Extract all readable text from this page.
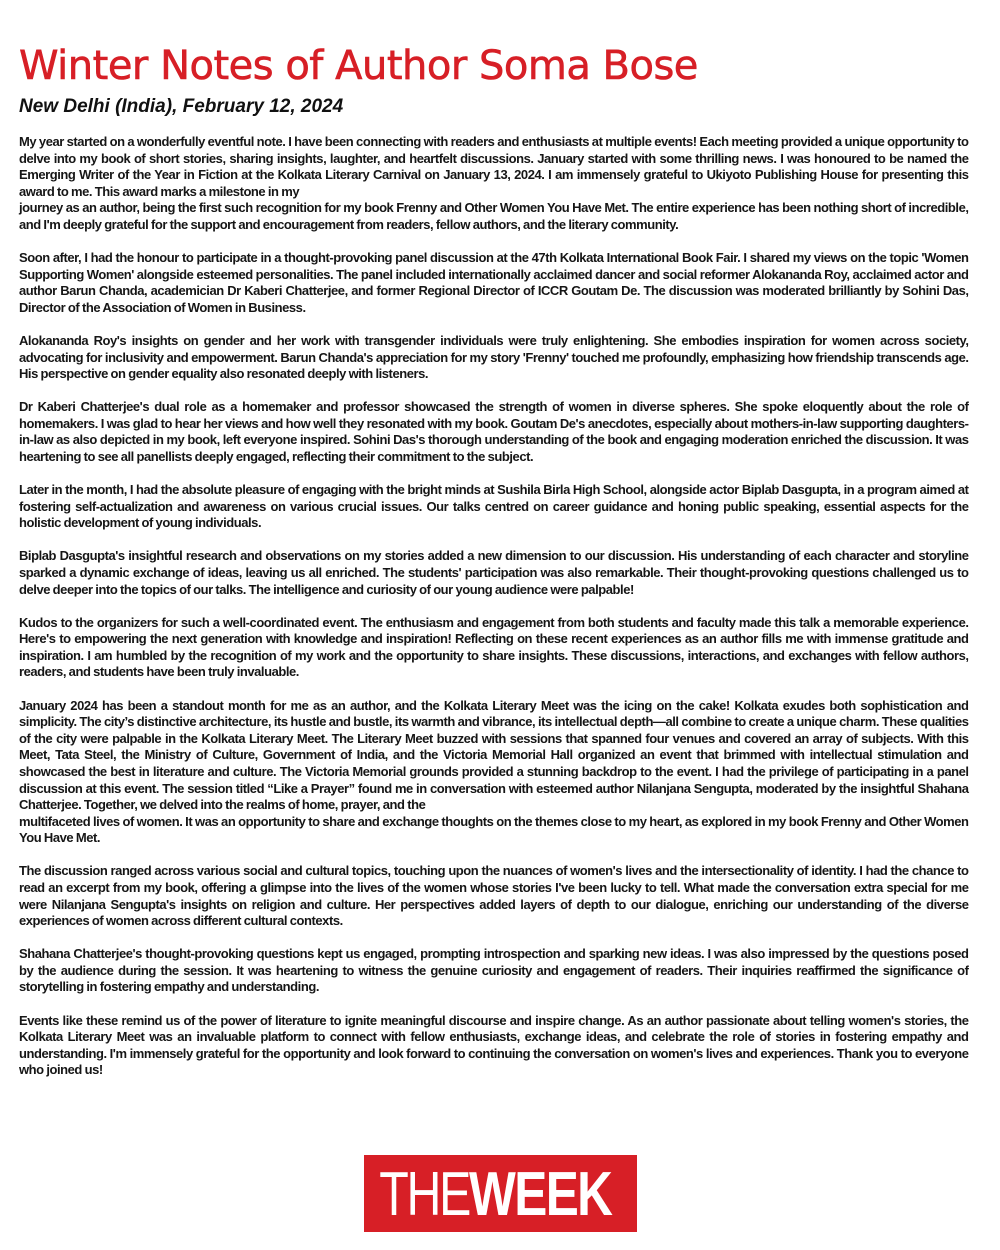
Winter Notes of Author Soma Bose
New Delhi (India), February 12, 2024

My year started on a wonderfully eventful note. I have been connecting with readers and enthusiasts at multiple events! Each meeting provided a unique opportunity to delve into my book of short stories, sharing insights, laughter, and heartfelt discussions. January started with some thrilling news. I was honoured to be named the Emerging Writer of the Year in Fiction at the Kolkata Literary Carnival on January 13, 2024. I am immensely grateful to Ukiyoto Publishing House for presenting this award to me. This award marks a milestone in my
journey as an author, being the first such recognition for my book Frenny and Other Women You Have Met. The entire experience has been nothing short of incredible, and I'm deeply grateful for the support and encouragement from readers, fellow authors, and the literary community.

Soon after, I had the honour to participate in a thought-provoking panel discussion at the 47th Kolkata International Book Fair. I shared my views on the topic 'Women Supporting Women' alongside esteemed personalities. The panel included internationally acclaimed dancer and social reformer Alokananda Roy, acclaimed actor and author Barun Chanda, academician Dr Kaberi Chatterjee, and former Regional Director of ICCR Goutam De. The discussion was moderated brilliantly by Sohini Das, Director of the Association of Women in Business.

Alokananda Roy's insights on gender and her work with transgender individuals were truly enlightening. She embodies inspiration for women across society, advocating for inclusivity and empowerment. Barun Chanda's appreciation for my story 'Frenny' touched me profoundly, emphasizing how friendship transcends age. His perspective on gender equality also resonated deeply with listeners.

Dr Kaberi Chatterjee's dual role as a homemaker and professor showcased the strength of women in diverse spheres. She spoke eloquently about the role of homemakers. I was glad to hear her views and how well they resonated with my book. Goutam De's anecdotes, especially about mothers-in-law supporting daughters-in-law as also depicted in my book, left everyone inspired. Sohini Das's thorough understanding of the book and engaging moderation enriched the discussion. It was heartening to see all panellists deeply engaged, reflecting their commitment to the subject.

Later in the month, I had the absolute pleasure of engaging with the bright minds at Sushila Birla High School, alongside actor Biplab Dasgupta, in a program aimed at fostering self-actualization and awareness on various crucial issues. Our talks centred on career guidance and honing public speaking, essential aspects for the holistic development of young individuals.

Biplab Dasgupta's insightful research and observations on my stories added a new dimension to our discussion. His understanding of each character and storyline sparked a dynamic exchange of ideas, leaving us all enriched. The students' participation was also remarkable. Their thought-provoking questions challenged us to delve deeper into the topics of our talks. The intelligence and curiosity of our young audience were palpable!

Kudos to the organizers for such a well-coordinated event. The enthusiasm and engagement from both students and faculty made this talk a memorable experience. Here's to empowering the next generation with knowledge and inspiration! Reflecting on these recent experiences as an author fills me with immense gratitude and inspiration. I am humbled by the recognition of my work and the opportunity to share insights. These discussions, interactions, and exchanges with fellow authors, readers, and students have been truly invaluable.

January 2024 has been a standout month for me as an author, and the Kolkata Literary Meet was the icing on the cake! Kolkata exudes both sophistication and simplicity. The city’s distinctive architecture, its hustle and bustle, its warmth and vibrance, its intellectual depth—all combine to create a unique charm. These qualities of the city were palpable in the Kolkata Literary Meet. The Literary Meet buzzed with sessions that spanned four venues and covered an array of subjects. With this Meet, Tata Steel, the Ministry of Culture, Government of India, and the Victoria Memorial Hall organized an event that brimmed with intellectual stimulation and showcased the best in literature and culture. The Victoria Memorial grounds provided a stunning backdrop to the event. I had the privilege of participating in a panel discussion at this event. The session titled “Like a Prayer” found me in conversation with esteemed author Nilanjana Sengupta, moderated by the insightful Shahana Chatterjee. Together, we delved into the realms of home, prayer, and the
multifaceted lives of women. It was an opportunity to share and exchange thoughts on the themes close to my heart, as explored in my book Frenny and Other Women You Have Met.

The discussion ranged across various social and cultural topics, touching upon the nuances of women's lives and the intersectionality of identity. I had the chance to read an excerpt from my book, offering a glimpse into the lives of the women whose stories I've been lucky to tell. What made the conversation extra special for me were Nilanjana Sengupta's insights on religion and culture. Her perspectives added layers of depth to our dialogue, enriching our understanding of the diverse experiences of women across different cultural contexts.

Shahana Chatterjee's thought-provoking questions kept us engaged, prompting introspection and sparking new ideas. I was also impressed by the questions posed by the audience during the session. It was heartening to witness the genuine curiosity and engagement of readers. Their inquiries reaffirmed the significance of storytelling in fostering empathy and understanding.

Events like these remind us of the power of literature to ignite meaningful discourse and inspire change. As an author passionate about telling women's stories, the Kolkata Literary Meet was an invaluable platform to connect with fellow enthusiasts, exchange ideas, and celebrate the role of stories in fostering empathy and understanding. I'm immensely grateful for the opportunity and look forward to continuing the conversation on women's lives and experiences. Thank you to everyone who joined us!

THE WEEK
